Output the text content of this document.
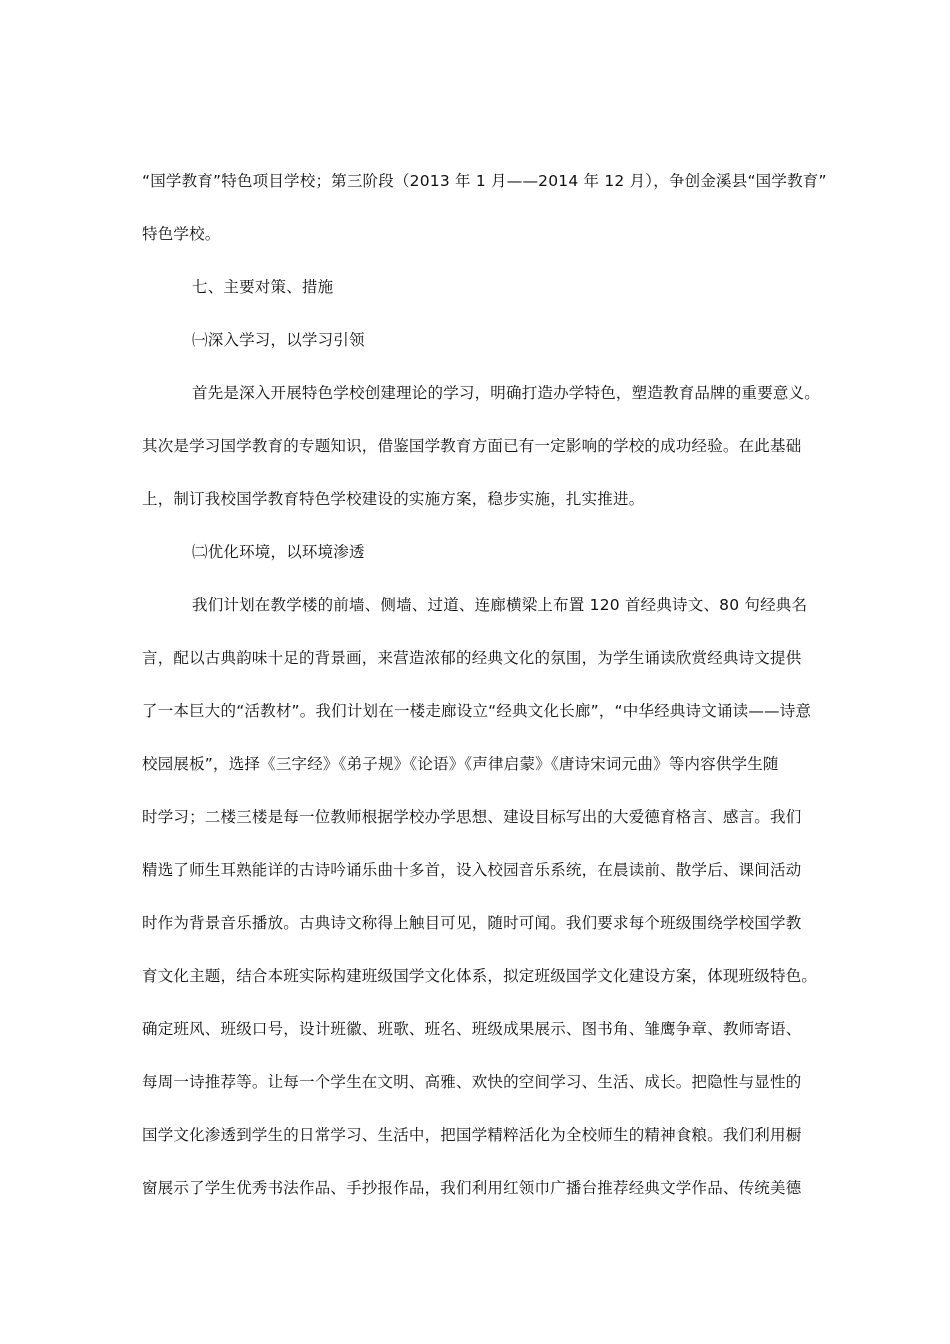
“国学教育”特色项目学校；第三阶段（2013 年 1 月——2014 年 12 月），争创金溪县“国学教育”
特色学校。
七、主要对策、措施
㈠深入学习，以学习引领
首先是深入开展特色学校创建理论的学习，明确打造办学特色，塑造教育品牌的重要意义。
其次是学习国学教育的专题知识，借鉴国学教育方面已有一定影响的学校的成功经验。在此基础
上，制订我校国学教育特色学校建设的实施方案，稳步实施，扎实推进。
㈡优化环境，以环境渗透
我们计划在教学楼的前墙、侧墙、过道、连廊横梁上布置 120 首经典诗文、80 句经典名
言，配以古典韵味十足的背景画，来营造浓郁的经典文化的氛围，为学生诵读欣赏经典诗文提供
了一本巨大的“活教材”。我们计划在一楼走廊设立“经典文化长廊”，“中华经典诗文诵读——诗意
校园展板”，选择《三字经》《弟子规》《论语》《声律启蒙》《唐诗宋词元曲》等内容供学生随
时学习；二楼三楼是每一位教师根据学校办学思想、建设目标写出的大爱德育格言、感言。我们
精选了师生耳熟能详的古诗吟诵乐曲十多首，设入校园音乐系统，在晨读前、散学后、课间活动
时作为背景音乐播放。古典诗文称得上触目可见，随时可闻。我们要求每个班级围绕学校国学教
育文化主题，结合本班实际构建班级国学文化体系，拟定班级国学文化建设方案，体现班级特色。
确定班风、班级口号，设计班徽、班歌、班名、班级成果展示、图书角、雏鹰争章、教师寄语、
每周一诗推荐等。让每一个学生在文明、高雅、欢快的空间学习、生活、成长。把隐性与显性的
国学文化渗透到学生的日常学习、生活中，把国学精粹活化为全校师生的精神食粮。我们利用橱
窗展示了学生优秀书法作品、手抄报作品，我们利用红领巾广播台推荐经典文学作品、传统美德
